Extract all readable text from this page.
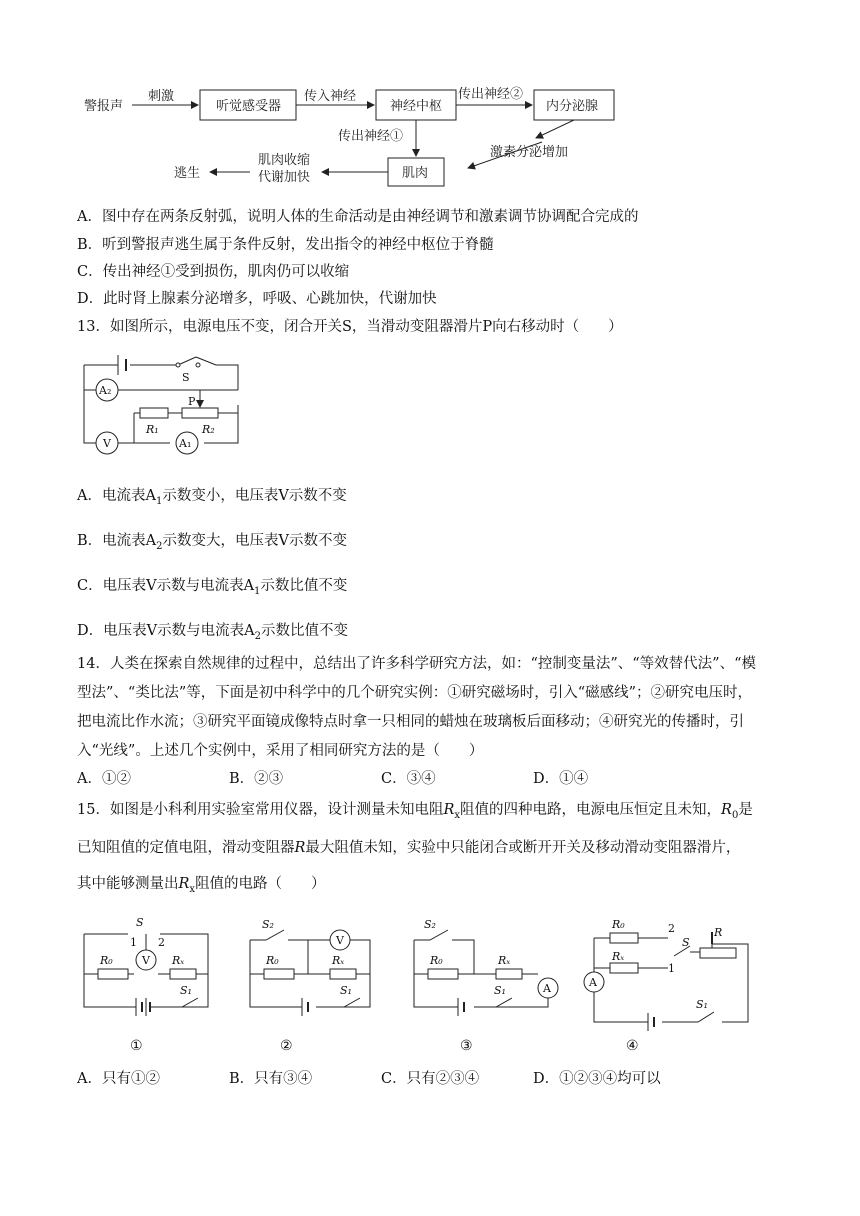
警报声
刺激
听觉感受器
传入神经
神经中枢
传出神经②
内分泌腺
传出神经①
激素分泌增加
肌肉
肌肉收缩
代谢加快
逃生
A．图中存在两条反射弧，说明人体的生命活动是由神经调节和激素调节协调配合完成的
B．听到警报声逃生属于条件反射，发出指令的神经中枢位于脊髓
C．传出神经①受到损伤，肌肉仍可以收缩
D．此时肾上腺素分泌增多，呼吸、心跳加快，代谢加快
13．如图所示，电源电压不变，闭合开关S，当滑动变阻器滑片P向右移动时（　　）
S
A₂
P
R₁	R₂
V	A₁
A．电流表$A_1$示数变小，电压表V示数不变
B．电流表$A_2$示数变大，电压表V示数不变
C．电压表V示数与电流表$A_1$示数比值不变
D．电压表V示数与电流表$A_2$示数比值不变
14．人类在探索自然规律的过程中，总结出了许多科学研究方法，如：“控制变量法”、“等效替代法”、“模
型法”、“类比法”等，下面是初中科学中的几个研究实例：①研究磁场时，引入“磁感线”；②研究电压时，
把电流比作水流；③研究平面镜成像特点时拿一只相同的蜡烛在玻璃板后面移动；④研究光的传播时，引
入“光线”。上述几个实例中，采用了相同研究方法的是（　　）
A．①②	B．②③	C．③④	D．①④
15．如图是小科利用实验室常用仪器，设计测量未知电阻$R_x$阻值的四种电路，电源电压恒定且未知，$R_0$是
已知阻值的定值电阻，滑动变阻器R最大阻值未知，实验中只能闭合或断开开关及移动滑动变阻器滑片，
其中能够测量出$R_x$阻值的电路（　　）
V
R₀	Rₓ
S
1 2
S₁
V
R₀	Rₓ
S₂
S₁	A
R₀	Rₓ
S₂
S₁
A
R₀
Rₓ
2
1
S
R
S₁
①	②	③	④
A．只有①②	B．只有③④	C．只有②③④	D．①②③④均可以
